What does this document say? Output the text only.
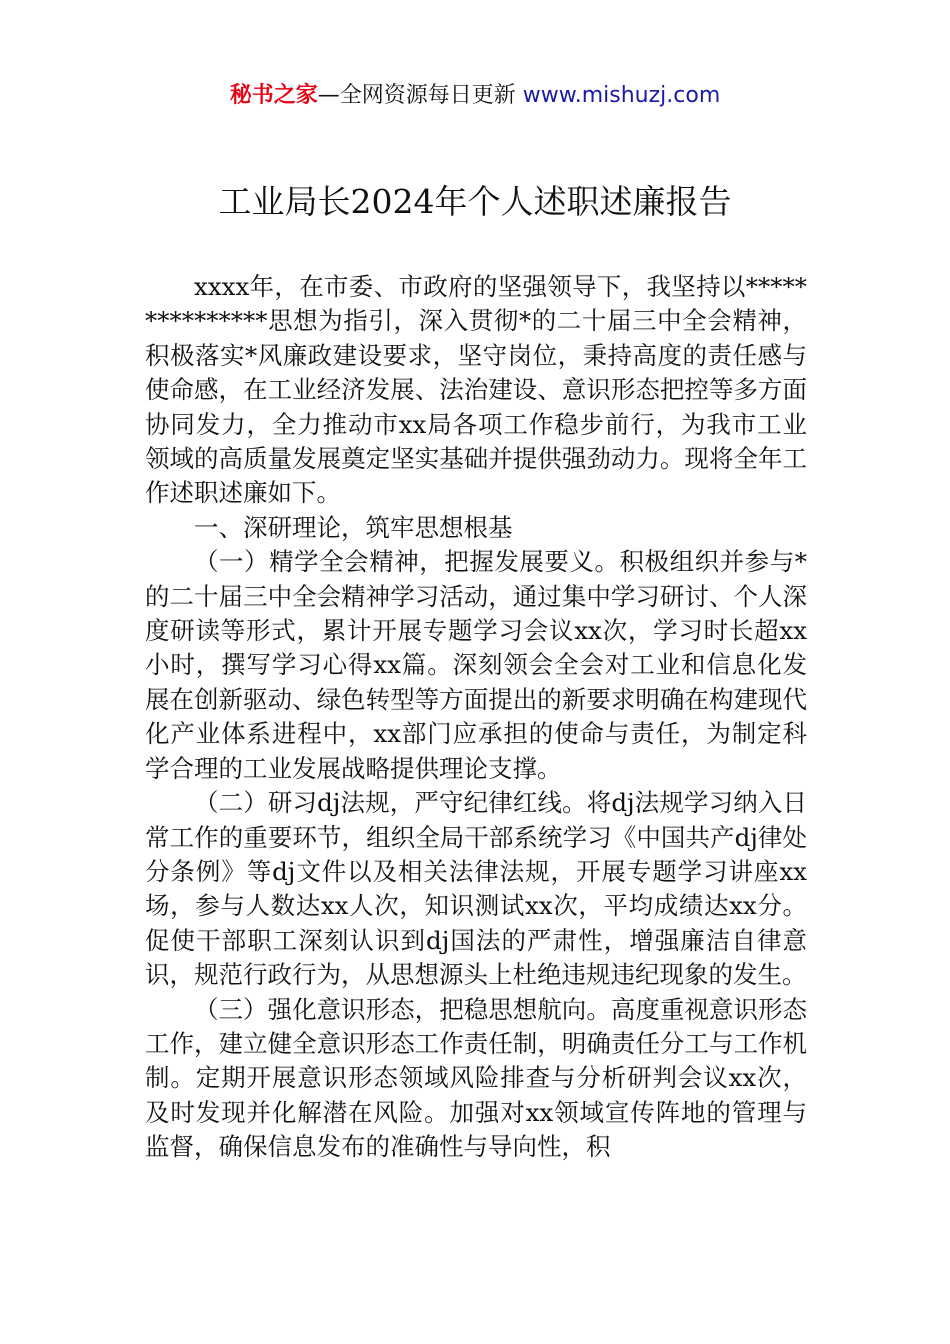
秘书之家—全网资源每日更新 www.mishuzj.com
工业局长2024年个人述职述廉报告

xxxx年，在市委、市政府的坚强领导下，我坚持以***************思想为指引，深入贯彻*的二十届三中全会精神，积极落实*风廉政建设要求，坚守岗位，秉持高度的责任感与使命感，在工业经济发展、法治建设、意识形态把控等多方面协同发力，全力推动市xx局各项工作稳步前行，为我市工业领域的高质量发展奠定坚实基础并提供强劲动力。现将全年工作述职述廉如下。

一、深研理论，筑牢思想根基

（一）精学全会精神，把握发展要义。积极组织并参与*的二十届三中全会精神学习活动，通过集中学习研讨、个人深度研读等形式，累计开展专题学习会议xx次，学习时长超xx小时，撰写学习心得xx篇。深刻领会全会对工业和信息化发展在创新驱动、绿色转型等方面提出的新要求明确在构建现代化产业体系进程中，xx部门应承担的使命与责任，为制定科学合理的工业发展战略提供理论支撑。

（二）研习dj法规，严守纪律红线。将dj法规学习纳入日常工作的重要环节，组织全局干部系统学习《中国共产dj律处分条例》等dj文件以及相关法律法规，开展专题学习讲座xx场，参与人数达xx人次，知识测试xx次，平均成绩达xx分。促使干部职工深刻认识到dj国法的严肃性，增强廉洁自律意识，规范行政行为，从思想源头上杜绝违规违纪现象的发生。

（三）强化意识形态，把稳思想航向。高度重视意识形态工作，建立健全意识形态工作责任制，明确责任分工与工作机制。定期开展意识形态领域风险排查与分析研判会议xx次，及时发现并化解潜在风险。加强对xx领域宣传阵地的管理与监督，确保信息发布的准确性与导向性，积
